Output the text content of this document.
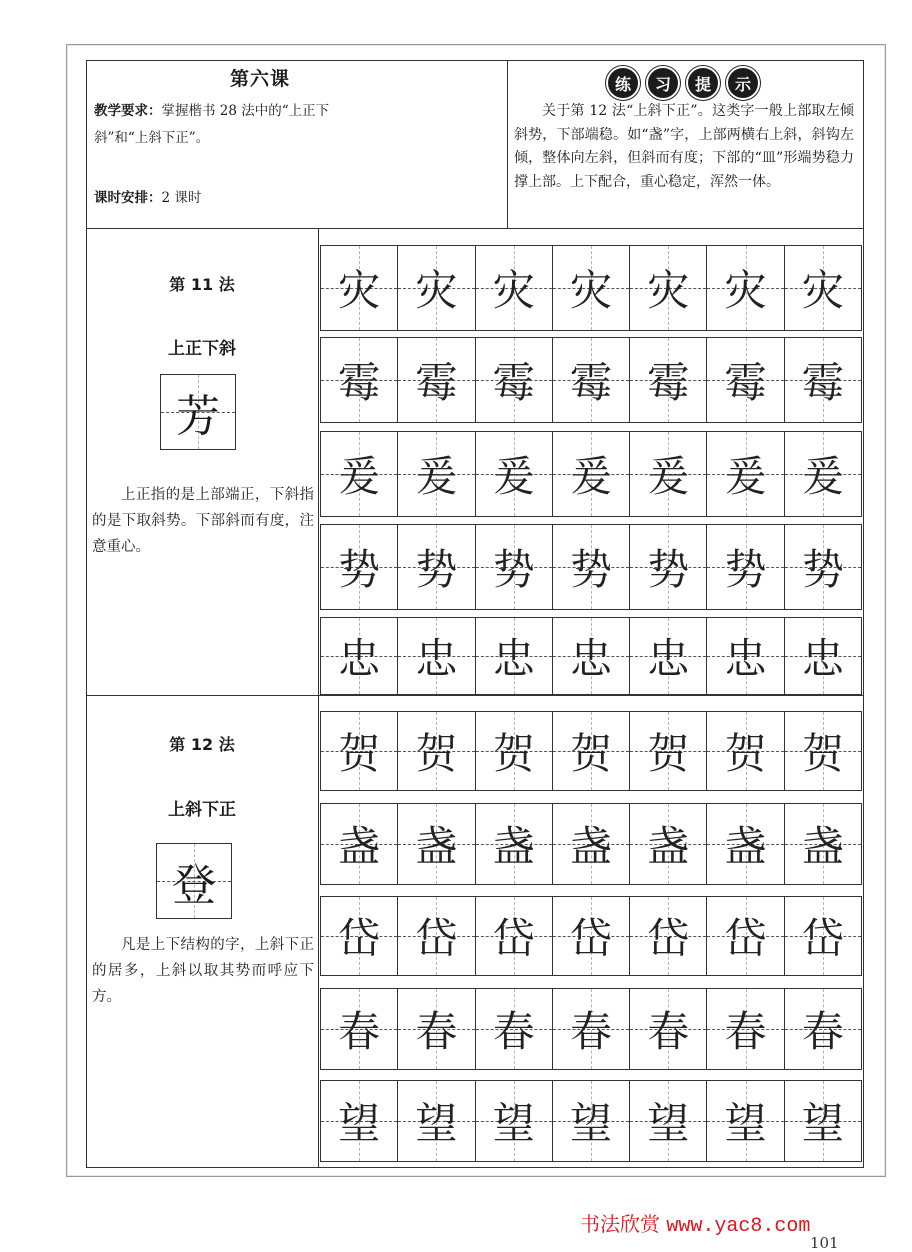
第六课
教学要求：掌握楷书 28 法中的“上正下
斜”和“上斜下正”。
课时安排：2 课时
练	习	提	示
关于第 12 法“上斜下正”。这类字一般上部取左倾斜势，下部端稳。如“盏”字，上部两横右上斜，斜钩左倾，整体向左斜，但斜而有度；下部的“皿”形端势稳力撑上部。上下配合，重心稳定，浑然一体。
第 11 法
上正下斜
芳
上正指的是上部端正，下斜指的是下取斜势。下部斜而有度，注意重心。
灾 灾 灾 灾 灾 灾 灾
霉 霉 霉 霉 霉 霉 霉
爰 爰 爰 爰 爰 爰 爰
势 势 势 势 势 势 势
忠 忠 忠 忠 忠 忠 忠
第 12 法
上斜下正
登
凡是上下结构的字，上斜下正的居多，上斜以取其势而呼应下方。
贺 贺 贺 贺 贺 贺 贺
盏 盏 盏 盏 盏 盏 盏
岱 岱 岱 岱 岱 岱 岱
春 春 春 春 春 春 春
望 望 望 望 望 望 望
书法欣赏 www.yac8.com
101
